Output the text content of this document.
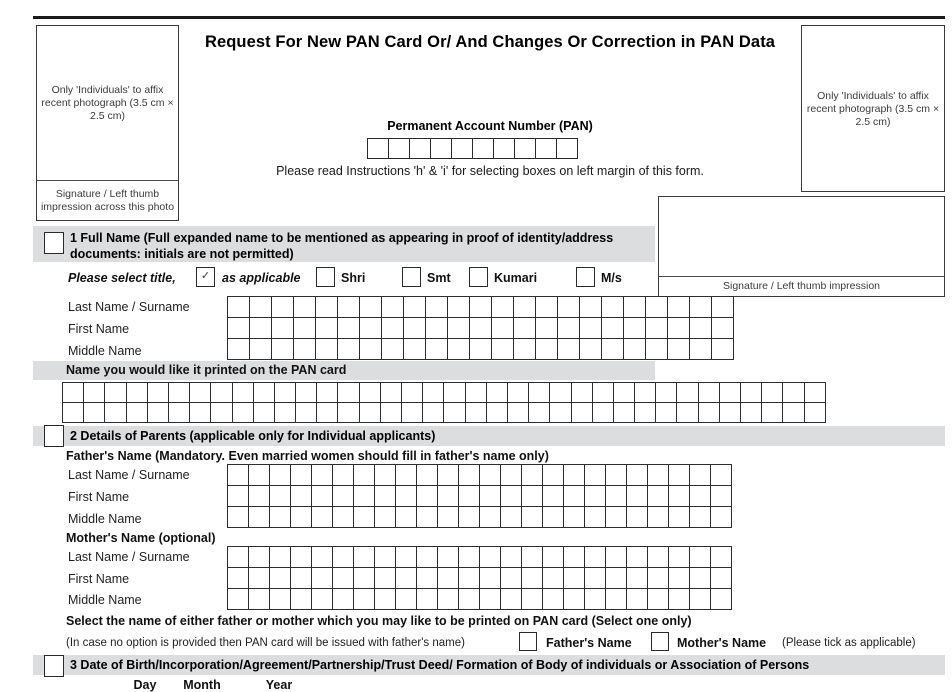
Only 'Individuals' to affix recent photograph (3.5 cm × 2.5 cm)
Signature / Left thumb impression across this photo
Only 'Individuals' to affix recent photograph (3.5 cm × 2.5 cm)
Signature / Left thumb impression
Request For New PAN Card Or/ And Changes Or Correction in PAN Data
Permanent Account Number (PAN)
Please read Instructions 'h' & 'i' for selecting boxes on left margin of this form.
1 Full Name (Full expanded name to be mentioned as appearing in proof of identity/address documents: initials are not permitted)
Please select title, ✓	as applicable	Shri	Smt	Kumari	M/s
Last Name / Surname
First Name
Middle Name
Name you would like it printed on the PAN card
2 Details of Parents (applicable only for Individual applicants)
Father's Name (Mandatory. Even married women should fill in father's name only)
Last Name / Surname
First Name
Middle Name
Mother's Name (optional)
Last Name / Surname
First Name
Middle Name
Select the name of either father or mother which you may like to be printed on PAN card (Select one only)
(In case no option is provided then PAN card will be issued with father's name)	Father's Name	Mother's Name (Please tick as applicable)
3 Date of Birth/Incorporation/Agreement/Partnership/Trust Deed/ Formation of Body of individuals or Association of Persons
Day	Month	Year
